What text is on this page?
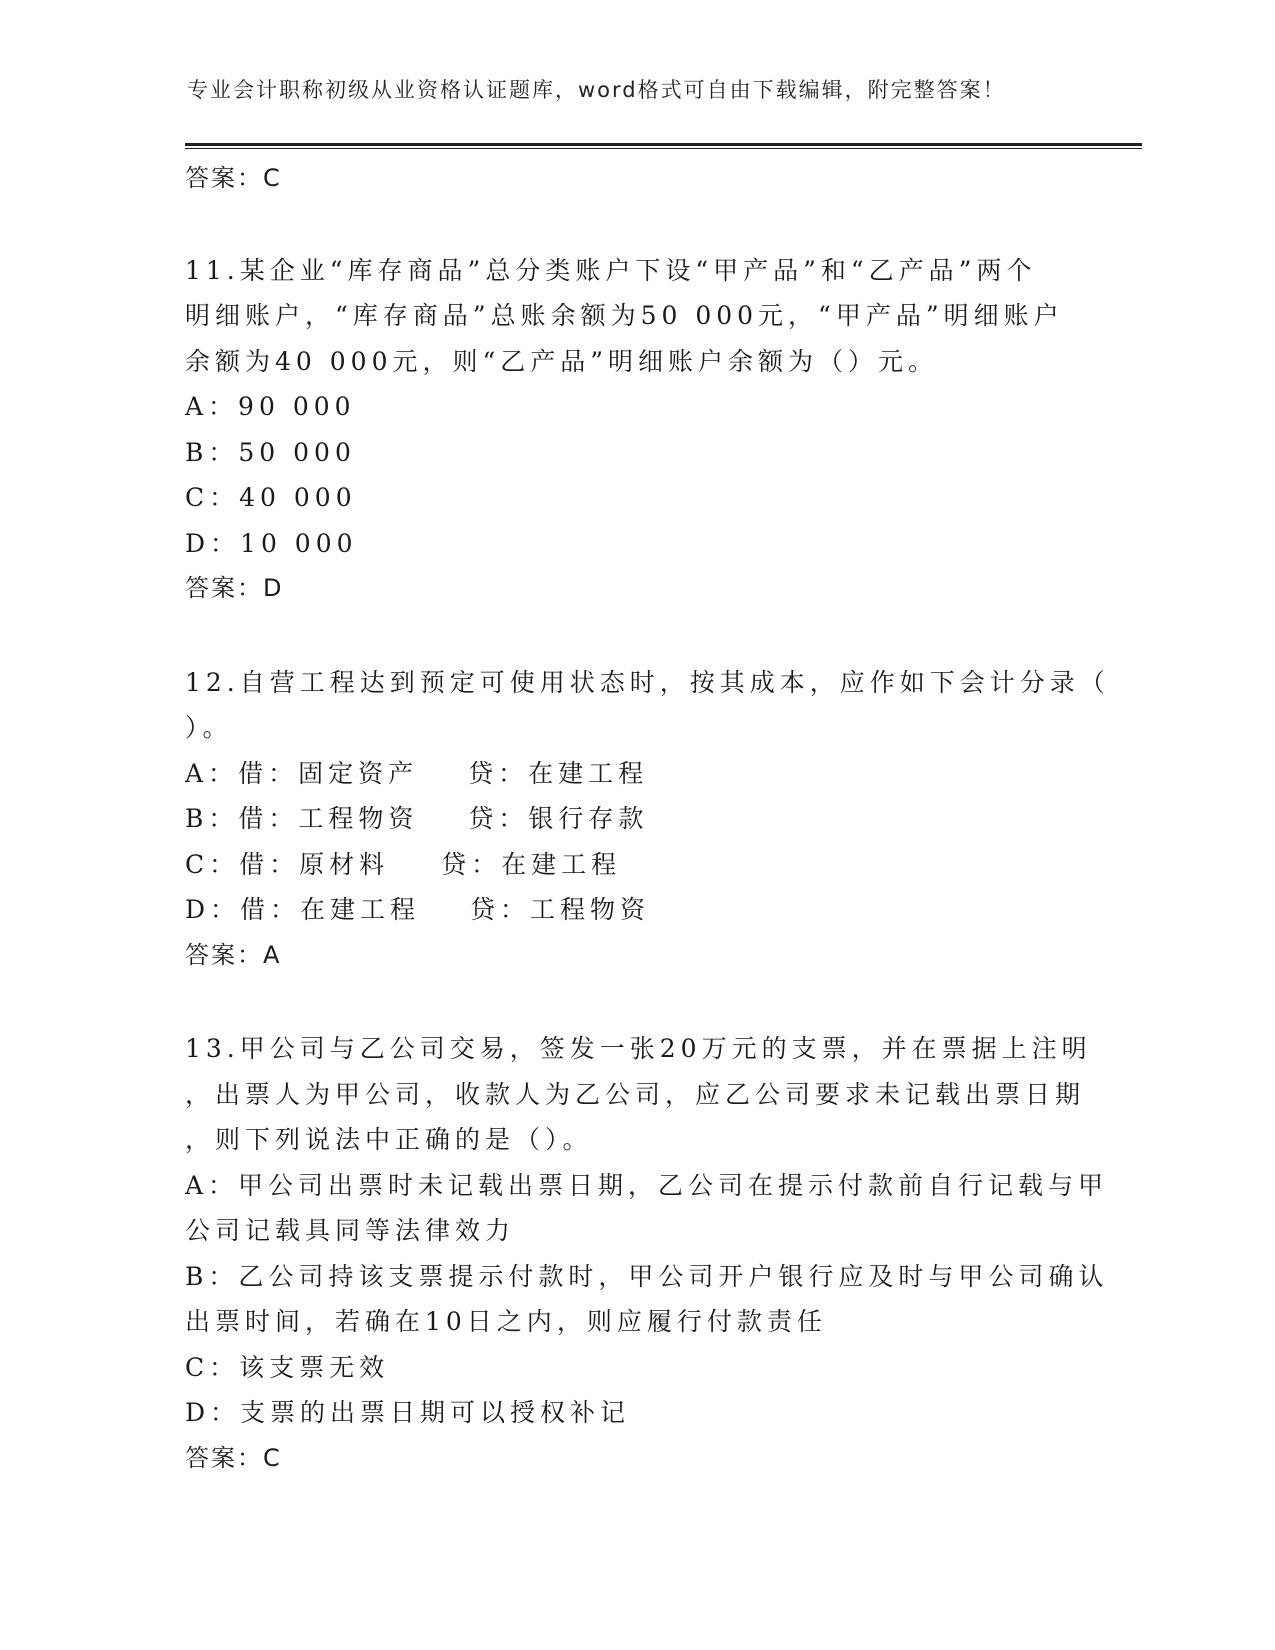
专业会计职称初级从业资格认证题库，word格式可自由下载编辑，附完整答案！
答案：C
11.某企业“库存商品”总分类账户下设“甲产品”和“乙产品”两个
明细账户，“库存商品”总账余额为50 000元，“甲产品”明细账户
余额为40 000元，则“乙产品”明细账户余额为（）元。
A：90 000
B：50 000
C：40 000
D：10 000
答案：D
12.自营工程达到预定可使用状态时，按其成本，应作如下会计分录（
）。
A：借：固定资产 贷：在建工程
B：借：工程物资 贷：银行存款
C：借：原材料 贷：在建工程
D：借：在建工程 贷：工程物资
答案：A
13.甲公司与乙公司交易，签发一张20万元的支票，并在票据上注明
，出票人为甲公司，收款人为乙公司，应乙公司要求未记载出票日期
，则下列说法中正确的是（）。
A：甲公司出票时未记载出票日期，乙公司在提示付款前自行记载与甲
公司记载具同等法律效力
B：乙公司持该支票提示付款时，甲公司开户银行应及时与甲公司确认
出票时间，若确在10日之内，则应履行付款责任
C：该支票无效
D：支票的出票日期可以授权补记
答案：C
